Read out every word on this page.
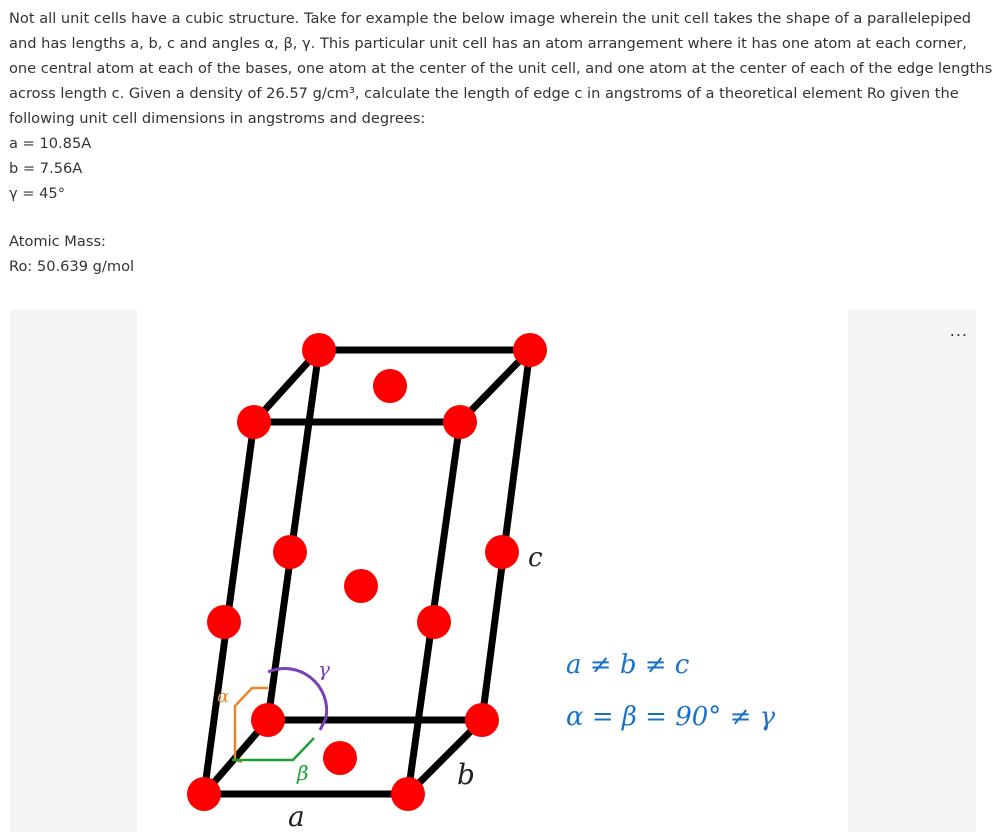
Not all unit cells have a cubic structure. Take for example the below image wherein the unit cell takes the shape of a parallelepiped and has lengths a, b, c and angles α, β, γ. This particular unit cell has an atom arrangement where it has one atom at each corner, one central atom at each of the bases, one atom at the center of the unit cell, and one atom at the center of each of the edge lengths across length c. Given a density of 26.57 g/cm³, calculate the length of edge c in angstroms of a theoretical element Ro given the following unit cell dimensions in angstroms and degrees:

a = 10.85A
b = 7.56A
γ = 45°
Atomic Mass:
Ro: 50.639 g/mol
...
c
b
a
α
β
γ	a ≠ b ≠ c
α = β = 90° ≠ γ
